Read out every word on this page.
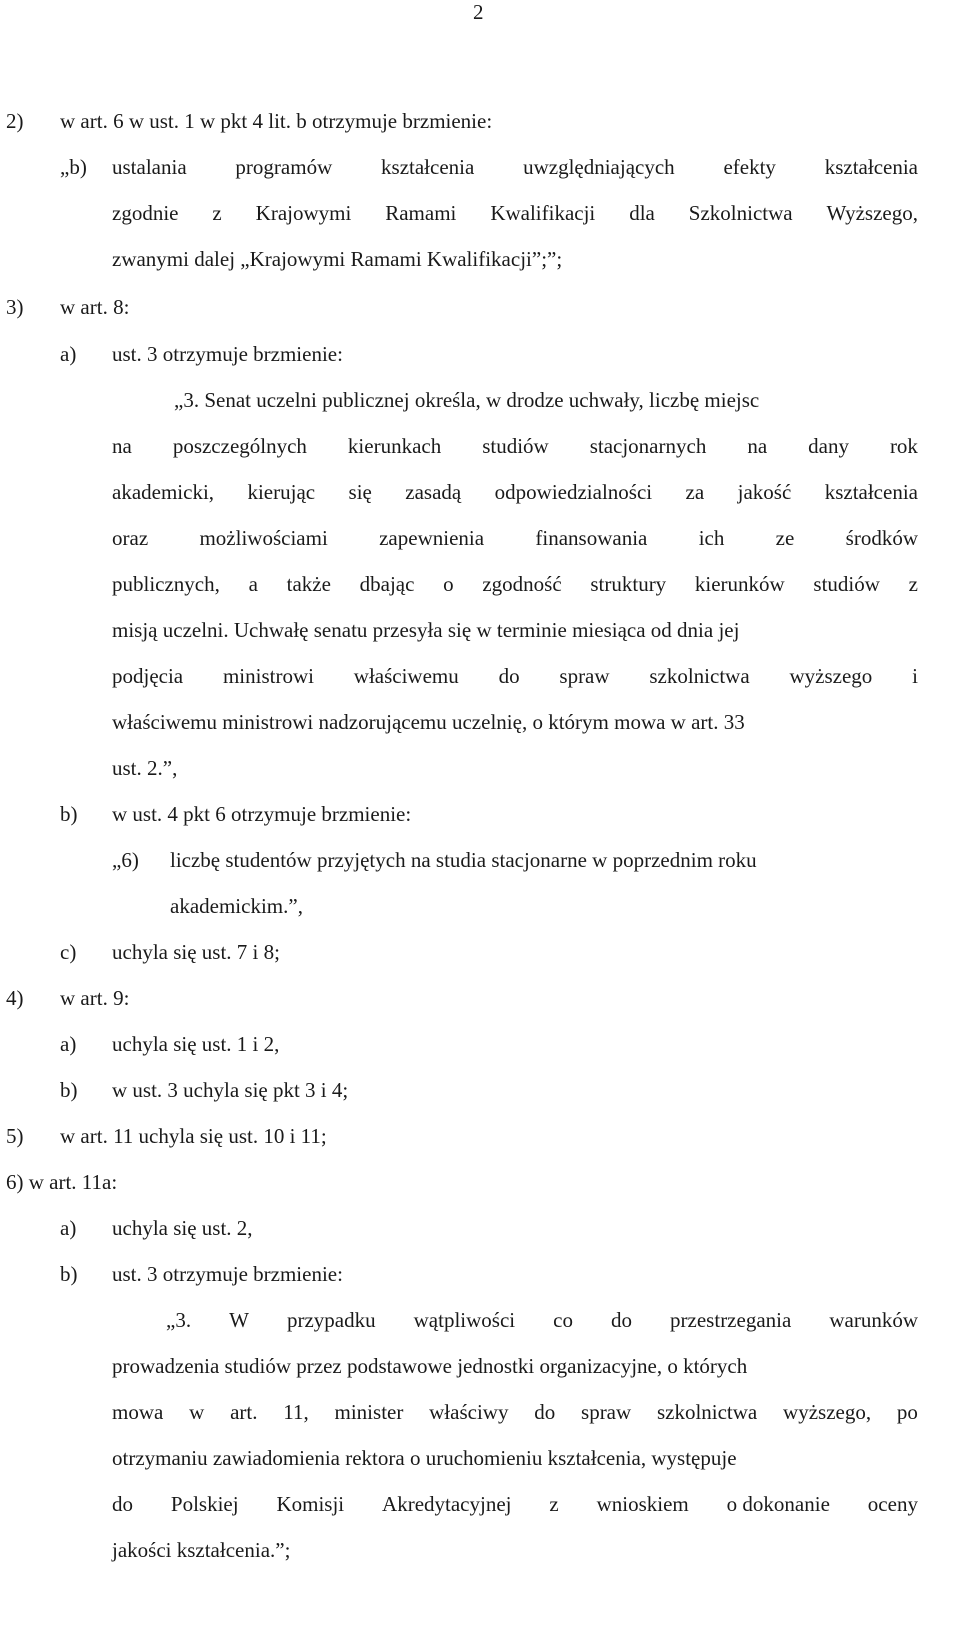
2
2) w art. 6 w ust. 1 w pkt 4 lit. b otrzymuje brzmienie:
„b) ustalania programów kształcenia uwzględniających efekty kształcenia
zgodnie z Krajowymi Ramami Kwalifikacji dla Szkolnictwa Wyższego,
zwanymi dalej „Krajowymi Ramami Kwalifikacji”;”;
3) w art. 8:
a) ust. 3 otrzymuje brzmienie:
„3. Senat uczelni publicznej określa, w drodze uchwały, liczbę miejsc
na poszczególnych kierunkach studiów stacjonarnych na dany rok
akademicki, kierując się zasadą odpowiedzialności za jakość kształcenia
oraz możliwościami zapewnienia finansowania ich ze środków
publicznych, a także dbając o zgodność struktury kierunków studiów z
misją uczelni. Uchwałę senatu przesyła się w terminie miesiąca od dnia jej
podjęcia ministrowi właściwemu do spraw szkolnictwa wyższego i
właściwemu ministrowi nadzorującemu uczelnię, o którym mowa w art. 33
ust. 2.”,
b) w ust. 4 pkt 6 otrzymuje brzmienie:
„6) liczbę studentów przyjętych na studia stacjonarne w poprzednim roku
akademickim.”,
c) uchyla się ust. 7 i 8;
4) w art. 9:
a) uchyla się ust. 1 i 2,
b) w ust. 3 uchyla się pkt 3 i 4;
5) w art. 11 uchyla się ust. 10 i 11;
6) w art. 11a:
a) uchyla się ust. 2,
b) ust. 3 otrzymuje brzmienie:
„3. W przypadku wątpliwości co do przestrzegania warunków
prowadzenia studiów przez podstawowe jednostki organizacyjne, o których
mowa w art. 11, minister właściwy do spraw szkolnictwa wyższego, po
otrzymaniu zawiadomienia rektora o uruchomieniu kształcenia, występuje
do Polskiej Komisji Akredytacyjnej z wnioskiem o dokonanie oceny
jakości kształcenia.”;
